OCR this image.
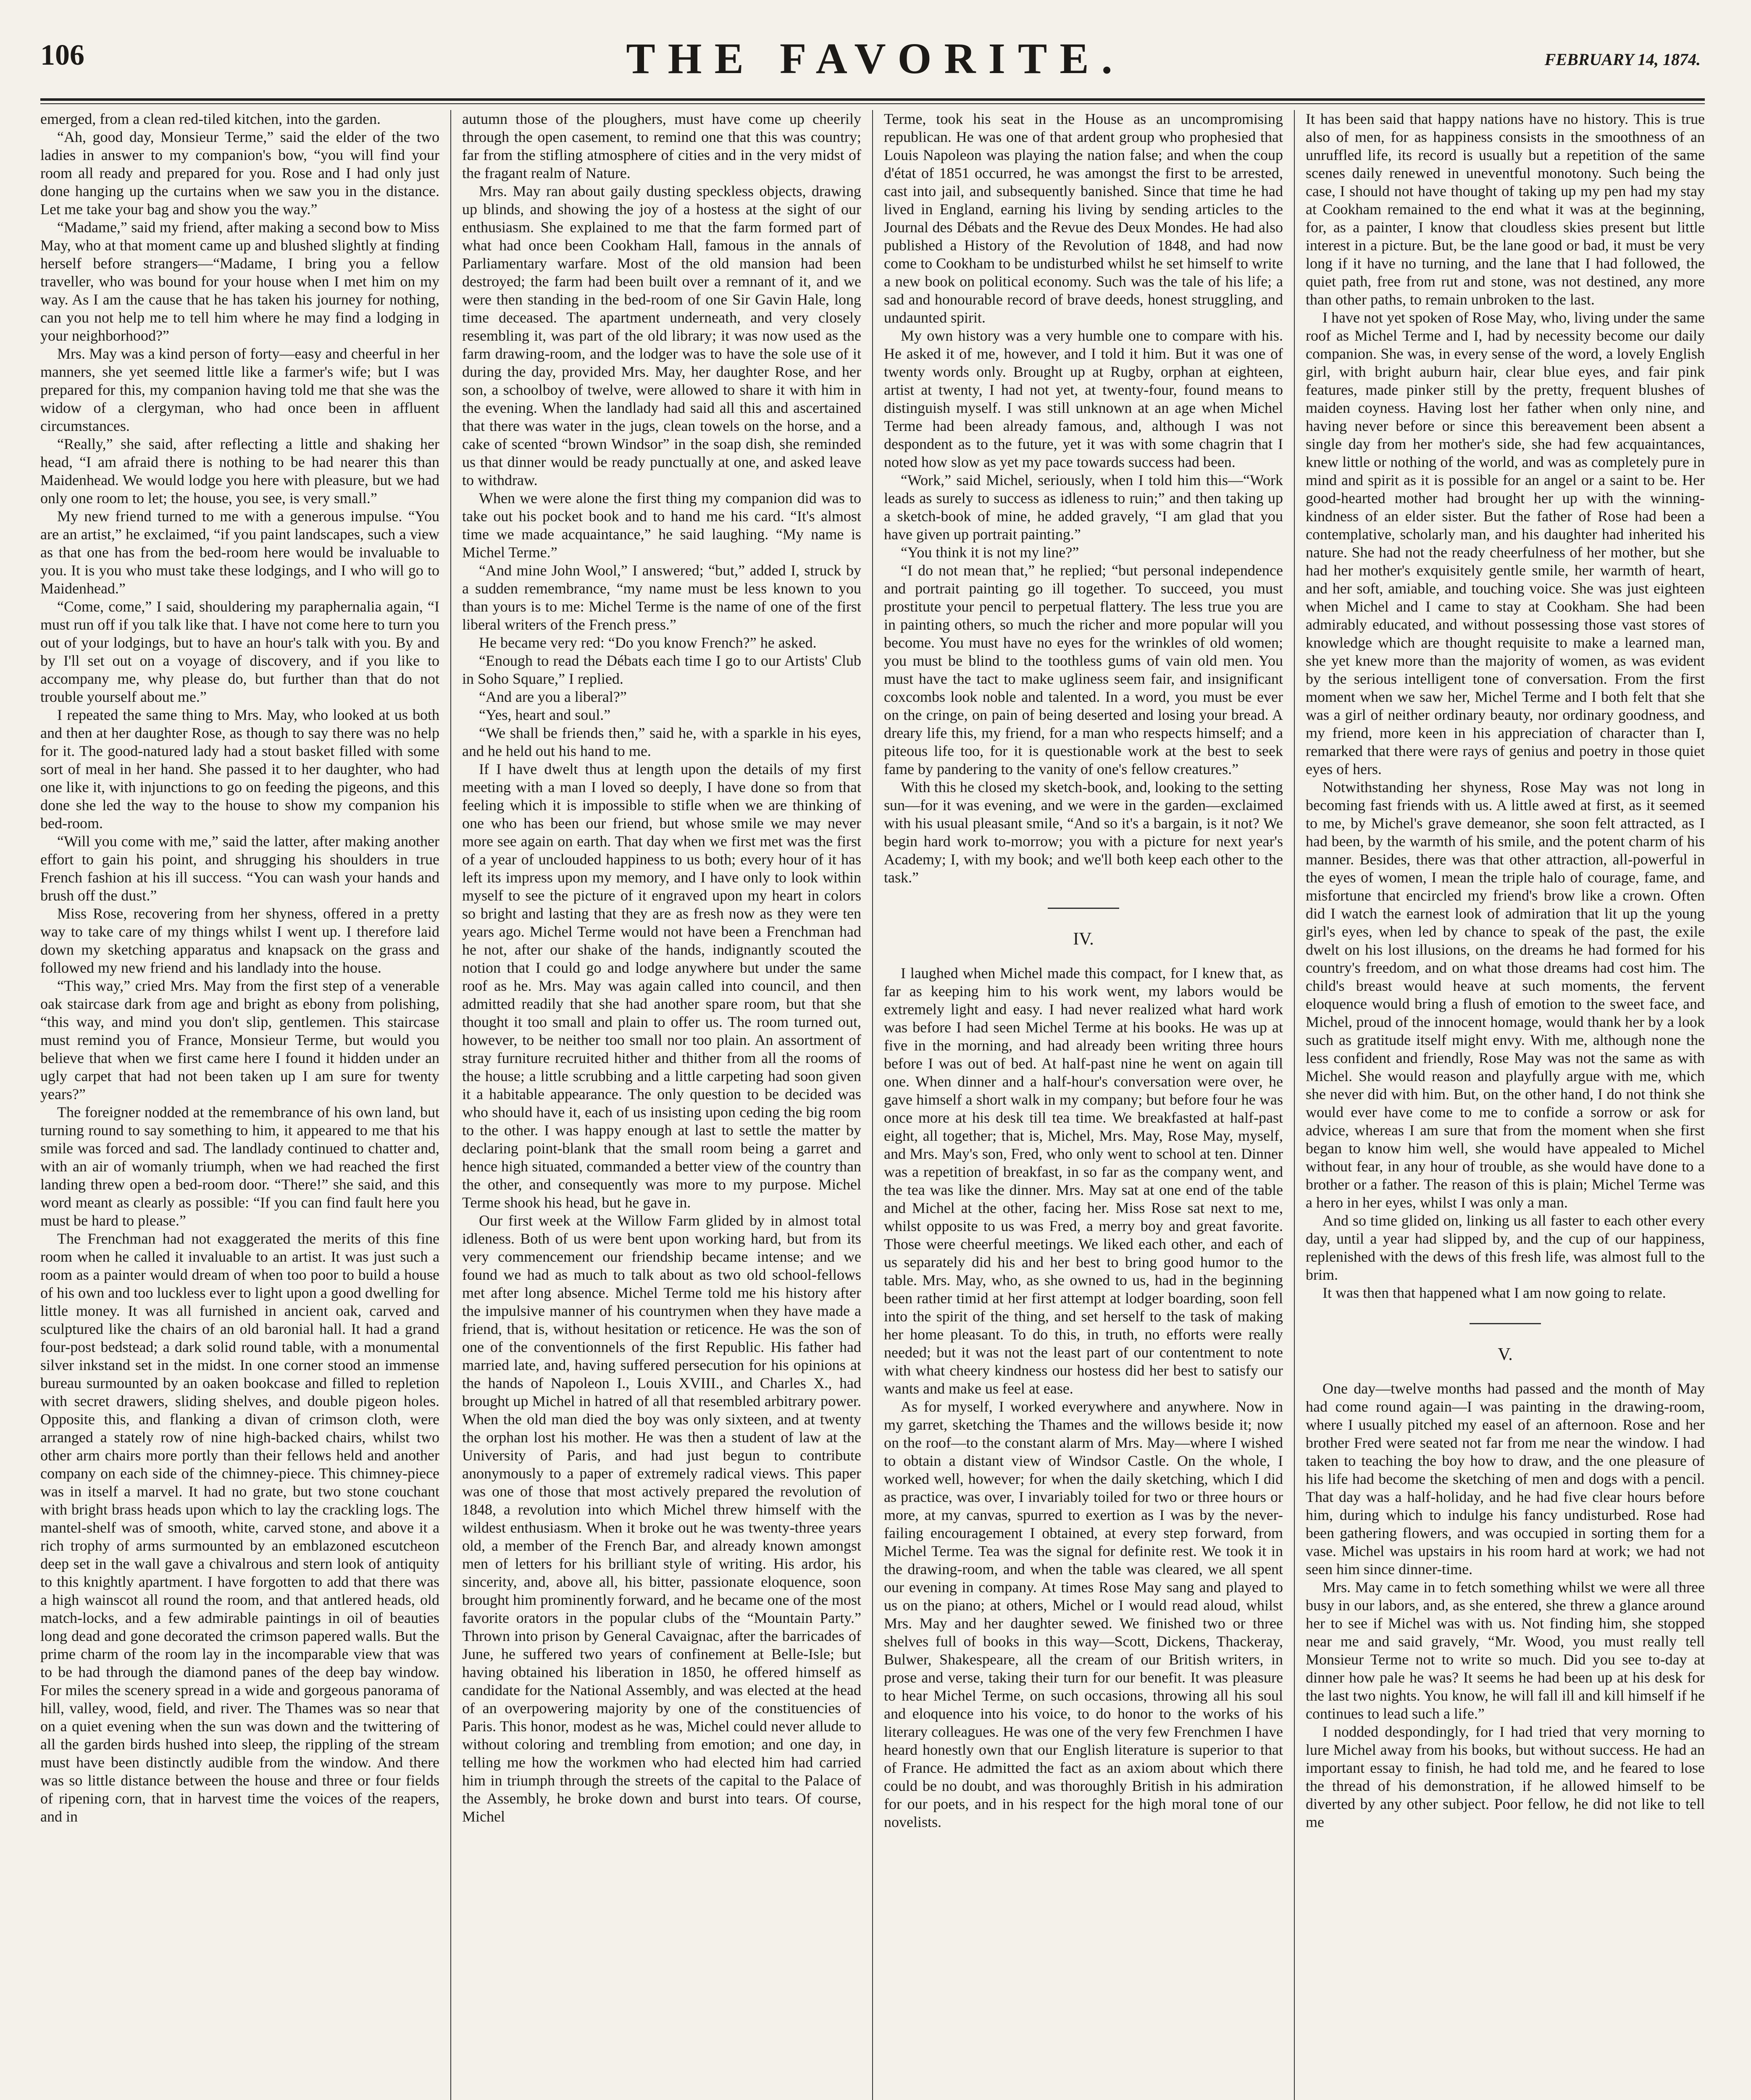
106	THE FAVORITE.	FEBRUARY 14, 1874.

emerged, from a clean red-tiled kitchen, into the garden.

“Ah, good day, Monsieur Terme,” said the elder of the two ladies in answer to my companion's bow, “you will find your room all ready and prepared for you. Rose and I had only just done hanging up the curtains when we saw you in the distance. Let me take your bag and show you the way.”

“Madame,” said my friend, after making a second bow to Miss May, who at that moment came up and blushed slightly at finding herself before strangers—“Madame, I bring you a fellow traveller, who was bound for your house when I met him on my way. As I am the cause that he has taken his journey for nothing, can you not help me to tell him where he may find a lodging in your neighborhood?”

Mrs. May was a kind person of forty—easy and cheerful in her manners, she yet seemed little like a farmer's wife; but I was prepared for this, my companion having told me that she was the widow of a clergyman, who had once been in affluent circumstances.

“Really,” she said, after reflecting a little and shaking her head, “I am afraid there is nothing to be had nearer this than Maidenhead. We would lodge you here with pleasure, but we had only one room to let; the house, you see, is very small.”

My new friend turned to me with a generous impulse. “You are an artist,” he exclaimed, “if you paint landscapes, such a view as that one has from the bed-room here would be invaluable to you. It is you who must take these lodgings, and I who will go to Maidenhead.”

“Come, come,” I said, shouldering my paraphernalia again, “I must run off if you talk like that. I have not come here to turn you out of your lodgings, but to have an hour's talk with you. By and by I'll set out on a voyage of discovery, and if you like to accompany me, why please do, but further than that do not trouble yourself about me.”

I repeated the same thing to Mrs. May, who looked at us both and then at her daughter Rose, as though to say there was no help for it. The good-natured lady had a stout basket filled with some sort of meal in her hand. She passed it to her daughter, who had one like it, with injunctions to go on feeding the pigeons, and this done she led the way to the house to show my companion his bed-room.

“Will you come with me,” said the latter, after making another effort to gain his point, and shrugging his shoulders in true French fashion at his ill success. “You can wash your hands and brush off the dust.”

Miss Rose, recovering from her shyness, offered in a pretty way to take care of my things whilst I went up. I therefore laid down my sketching apparatus and knapsack on the grass and followed my new friend and his landlady into the house.

“This way,” cried Mrs. May from the first step of a venerable oak staircase dark from age and bright as ebony from polishing, “this way, and mind you don't slip, gentlemen. This staircase must remind you of France, Monsieur Terme, but would you believe that when we first came here I found it hidden under an ugly carpet that had not been taken up I am sure for twenty years?”

The foreigner nodded at the remembrance of his own land, but turning round to say something to him, it appeared to me that his smile was forced and sad. The landlady continued to chatter and, with an air of womanly triumph, when we had reached the first landing threw open a bed-room door. “There!” she said, and this word meant as clearly as possible: “If you can find fault here you must be hard to please.”

The Frenchman had not exaggerated the merits of this fine room when he called it invaluable to an artist. It was just such a room as a painter would dream of when too poor to build a house of his own and too luckless ever to light upon a good dwelling for little money. It was all furnished in ancient oak, carved and sculptured like the chairs of an old baronial hall. It had a grand four-post bedstead; a dark solid round table, with a monumental silver inkstand set in the midst. In one corner stood an immense bureau surmounted by an oaken bookcase and filled to repletion with secret drawers, sliding shelves, and double pigeon holes. Opposite this, and flanking a divan of crimson cloth, were arranged a stately row of nine high-backed chairs, whilst two other arm chairs more portly than their fellows held and another company on each side of the chimney-piece. This chimney-piece was in itself a marvel. It had no grate, but two stone couchant with bright brass heads upon which to lay the crackling logs. The mantel-shelf was of smooth, white, carved stone, and above it a rich trophy of arms surmounted by an emblazoned escutcheon deep set in the wall gave a chivalrous and stern look of antiquity to this knightly apartment. I have forgotten to add that there was a high wainscot all round the room, and that antlered heads, old match-locks, and a few admirable paintings in oil of beauties long dead and gone decorated the crimson papered walls. But the prime charm of the room lay in the incomparable view that was to be had through the diamond panes of the deep bay window. For miles the scenery spread in a wide and gorgeous panorama of hill, valley, wood, field, and river. The Thames was so near that on a quiet evening when the sun was down and the twittering of all the garden birds hushed into sleep, the rippling of the stream must have been distinctly audible from the window. And there was so little distance between the house and three or four fields of ripening corn, that in harvest time the voices of the reapers, and in

autumn those of the ploughers, must have come up cheerily through the open casement, to remind one that this was country; far from the stifling atmosphere of cities and in the very midst of the fragant realm of Nature.

Mrs. May ran about gaily dusting speckless objects, drawing up blinds, and showing the joy of a hostess at the sight of our enthusiasm. She explained to me that the farm formed part of what had once been Cookham Hall, famous in the annals of Parliamentary warfare. Most of the old mansion had been destroyed; the farm had been built over a remnant of it, and we were then standing in the bed-room of one Sir Gavin Hale, long time deceased. The apartment underneath, and very closely resembling it, was part of the old library; it was now used as the farm drawing-room, and the lodger was to have the sole use of it during the day, provided Mrs. May, her daughter Rose, and her son, a schoolboy of twelve, were allowed to share it with him in the evening. When the landlady had said all this and ascertained that there was water in the jugs, clean towels on the horse, and a cake of scented “brown Windsor” in the soap dish, she reminded us that dinner would be ready punctually at one, and asked leave to withdraw.

When we were alone the first thing my companion did was to take out his pocket book and to hand me his card. “It's almost time we made acquaintance,” he said laughing. “My name is Michel Terme.”

“And mine John Wool,” I answered; “but,” added I, struck by a sudden remembrance, “my name must be less known to you than yours is to me: Michel Terme is the name of one of the first liberal writers of the French press.”

He became very red: “Do you know French?” he asked.

“Enough to read the Débats each time I go to our Artists' Club in Soho Square,” I replied.

“And are you a liberal?”

“Yes, heart and soul.”

“We shall be friends then,” said he, with a sparkle in his eyes, and he held out his hand to me.

If I have dwelt thus at length upon the details of my first meeting with a man I loved so deeply, I have done so from that feeling which it is impossible to stifle when we are thinking of one who has been our friend, but whose smile we may never more see again on earth. That day when we first met was the first of a year of unclouded happiness to us both; every hour of it has left its impress upon my memory, and I have only to look within myself to see the picture of it engraved upon my heart in colors so bright and lasting that they are as fresh now as they were ten years ago. Michel Terme would not have been a Frenchman had he not, after our shake of the hands, indignantly scouted the notion that I could go and lodge anywhere but under the same roof as he. Mrs. May was again called into council, and then admitted readily that she had another spare room, but that she thought it too small and plain to offer us. The room turned out, however, to be neither too small nor too plain. An assortment of stray furniture recruited hither and thither from all the rooms of the house; a little scrubbing and a little carpeting had soon given it a habitable appearance. The only question to be decided was who should have it, each of us insisting upon ceding the big room to the other. I was happy enough at last to settle the matter by declaring point-blank that the small room being a garret and hence high situated, commanded a better view of the country than the other, and consequently was more to my purpose. Michel Terme shook his head, but he gave in.

Our first week at the Willow Farm glided by in almost total idleness. Both of us were bent upon working hard, but from its very commencement our friendship became intense; and we found we had as much to talk about as two old school-fellows met after long absence. Michel Terme told me his history after the impulsive manner of his countrymen when they have made a friend, that is, without hesitation or reticence. He was the son of one of the conventionnels of the first Republic. His father had married late, and, having suffered persecution for his opinions at the hands of Napoleon I., Louis XVIII., and Charles X., had brought up Michel in hatred of all that resembled arbitrary power. When the old man died the boy was only sixteen, and at twenty the orphan lost his mother. He was then a student of law at the University of Paris, and had just begun to contribute anonymously to a paper of extremely radical views. This paper was one of those that most actively prepared the revolution of 1848, a revolution into which Michel threw himself with the wildest enthusiasm. When it broke out he was twenty-three years old, a member of the French Bar, and already known amongst men of letters for his brilliant style of writing. His ardor, his sincerity, and, above all, his bitter, passionate eloquence, soon brought him prominently forward, and he became one of the most favorite orators in the popular clubs of the “Mountain Party.” Thrown into prison by General Cavaignac, after the barricades of June, he suffered two years of confinement at Belle-Isle; but having obtained his liberation in 1850, he offered himself as candidate for the National Assembly, and was elected at the head of an overpowering majority by one of the constituencies of Paris. This honor, modest as he was, Michel could never allude to without coloring and trembling from emotion; and one day, in telling me how the workmen who had elected him had carried him in triumph through the streets of the capital to the Palace of the Assembly, he broke down and burst into tears. Of course, Michel

Terme, took his seat in the House as an uncompromising republican. He was one of that ardent group who prophesied that Louis Napoleon was playing the nation false; and when the coup d'état of 1851 occurred, he was amongst the first to be arrested, cast into jail, and subsequently banished. Since that time he had lived in England, earning his living by sending articles to the Journal des Débats and the Revue des Deux Mondes. He had also published a History of the Revolution of 1848, and had now come to Cookham to be undisturbed whilst he set himself to write a new book on political economy. Such was the tale of his life; a sad and honourable record of brave deeds, honest struggling, and undaunted spirit.

My own history was a very humble one to compare with his. He asked it of me, however, and I told it him. But it was one of twenty words only. Brought up at Rugby, orphan at eighteen, artist at twenty, I had not yet, at twenty-four, found means to distinguish myself. I was still unknown at an age when Michel Terme had been already famous, and, although I was not despondent as to the future, yet it was with some chagrin that I noted how slow as yet my pace towards success had been.

“Work,” said Michel, seriously, when I told him this—“Work leads as surely to success as idleness to ruin;” and then taking up a sketch-book of mine, he added gravely, “I am glad that you have given up portrait painting.”

“You think it is not my line?”

“I do not mean that,” he replied; “but personal independence and portrait painting go ill together. To succeed, you must prostitute your pencil to perpetual flattery. The less true you are in painting others, so much the richer and more popular will you become. You must have no eyes for the wrinkles of old women; you must be blind to the toothless gums of vain old men. You must have the tact to make ugliness seem fair, and insignificant coxcombs look noble and talented. In a word, you must be ever on the cringe, on pain of being deserted and losing your bread. A dreary life this, my friend, for a man who respects himself; and a piteous life too, for it is questionable work at the best to seek fame by pandering to the vanity of one's fellow creatures.”

With this he closed my sketch-book, and, looking to the setting sun—for it was evening, and we were in the garden—exclaimed with his usual pleasant smile, “And so it's a bargain, is it not? We begin hard work to-morrow; you with a picture for next year's Academy; I, with my book; and we'll both keep each other to the task.”

IV.

I laughed when Michel made this compact, for I knew that, as far as keeping him to his work went, my labors would be extremely light and easy. I had never realized what hard work was before I had seen Michel Terme at his books. He was up at five in the morning, and had already been writing three hours before I was out of bed. At half-past nine he went on again till one. When dinner and a half-hour's conversation were over, he gave himself a short walk in my company; but before four he was once more at his desk till tea time. We breakfasted at half-past eight, all together; that is, Michel, Mrs. May, Rose May, myself, and Mrs. May's son, Fred, who only went to school at ten. Dinner was a repetition of breakfast, in so far as the company went, and the tea was like the dinner. Mrs. May sat at one end of the table and Michel at the other, facing her. Miss Rose sat next to me, whilst opposite to us was Fred, a merry boy and great favorite. Those were cheerful meetings. We liked each other, and each of us separately did his and her best to bring good humor to the table. Mrs. May, who, as she owned to us, had in the beginning been rather timid at her first attempt at lodger boarding, soon fell into the spirit of the thing, and set herself to the task of making her home pleasant. To do this, in truth, no efforts were really needed; but it was not the least part of our contentment to note with what cheery kindness our hostess did her best to satisfy our wants and make us feel at ease.

As for myself, I worked everywhere and anywhere. Now in my garret, sketching the Thames and the willows beside it; now on the roof—to the constant alarm of Mrs. May—where I wished to obtain a distant view of Windsor Castle. On the whole, I worked well, however; for when the daily sketching, which I did as practice, was over, I invariably toiled for two or three hours or more, at my canvas, spurred to exertion as I was by the never-failing encouragement I obtained, at every step forward, from Michel Terme. Tea was the signal for definite rest. We took it in the drawing-room, and when the table was cleared, we all spent our evening in company. At times Rose May sang and played to us on the piano; at others, Michel or I would read aloud, whilst Mrs. May and her daughter sewed. We finished two or three shelves full of books in this way—Scott, Dickens, Thackeray, Bulwer, Shakespeare, all the cream of our British writers, in prose and verse, taking their turn for our benefit. It was pleasure to hear Michel Terme, on such occasions, throwing all his soul and eloquence into his voice, to do honor to the works of his literary colleagues. He was one of the very few Frenchmen I have heard honestly own that our English literature is superior to that of France. He admitted the fact as an axiom about which there could be no doubt, and was thoroughly British in his admiration for our poets, and in his respect for the high moral tone of our novelists.

It has been said that happy nations have no history. This is true also of men, for as happiness consists in the smoothness of an unruffled life, its record is usually but a repetition of the same scenes daily renewed in uneventful monotony. Such being the case, I should not have thought of taking up my pen had my stay at Cookham remained to the end what it was at the beginning, for, as a painter, I know that cloudless skies present but little interest in a picture. But, be the lane good or bad, it must be very long if it have no turning, and the lane that I had followed, the quiet path, free from rut and stone, was not destined, any more than other paths, to remain unbroken to the last.

I have not yet spoken of Rose May, who, living under the same roof as Michel Terme and I, had by necessity become our daily companion. She was, in every sense of the word, a lovely English girl, with bright auburn hair, clear blue eyes, and fair pink features, made pinker still by the pretty, frequent blushes of maiden coyness. Having lost her father when only nine, and having never before or since this bereavement been absent a single day from her mother's side, she had few acquaintances, knew little or nothing of the world, and was as completely pure in mind and spirit as it is possible for an angel or a saint to be. Her good-hearted mother had brought her up with the winning-kindness of an elder sister. But the father of Rose had been a contemplative, scholarly man, and his daughter had inherited his nature. She had not the ready cheerfulness of her mother, but she had her mother's exquisitely gentle smile, her warmth of heart, and her soft, amiable, and touching voice. She was just eighteen when Michel and I came to stay at Cookham. She had been admirably educated, and without possessing those vast stores of knowledge which are thought requisite to make a learned man, she yet knew more than the majority of women, as was evident by the serious intelligent tone of conversation. From the first moment when we saw her, Michel Terme and I both felt that she was a girl of neither ordinary beauty, nor ordinary goodness, and my friend, more keen in his appreciation of character than I, remarked that there were rays of genius and poetry in those quiet eyes of hers.

Notwithstanding her shyness, Rose May was not long in becoming fast friends with us. A little awed at first, as it seemed to me, by Michel's grave demeanor, she soon felt attracted, as I had been, by the warmth of his smile, and the potent charm of his manner. Besides, there was that other attraction, all-powerful in the eyes of women, I mean the triple halo of courage, fame, and misfortune that encircled my friend's brow like a crown. Often did I watch the earnest look of admiration that lit up the young girl's eyes, when led by chance to speak of the past, the exile dwelt on his lost illusions, on the dreams he had formed for his country's freedom, and on what those dreams had cost him. The child's breast would heave at such moments, the fervent eloquence would bring a flush of emotion to the sweet face, and Michel, proud of the innocent homage, would thank her by a look such as gratitude itself might envy. With me, although none the less confident and friendly, Rose May was not the same as with Michel. She would reason and playfully argue with me, which she never did with him. But, on the other hand, I do not think she would ever have come to me to confide a sorrow or ask for advice, whereas I am sure that from the moment when she first began to know him well, she would have appealed to Michel without fear, in any hour of trouble, as she would have done to a brother or a father. The reason of this is plain; Michel Terme was a hero in her eyes, whilst I was only a man.

And so time glided on, linking us all faster to each other every day, until a year had slipped by, and the cup of our happiness, replenished with the dews of this fresh life, was almost full to the brim.

It was then that happened what I am now going to relate.

V.

One day—twelve months had passed and the month of May had come round again—I was painting in the drawing-room, where I usually pitched my easel of an afternoon. Rose and her brother Fred were seated not far from me near the window. I had taken to teaching the boy how to draw, and the one pleasure of his life had become the sketching of men and dogs with a pencil. That day was a half-holiday, and he had five clear hours before him, during which to indulge his fancy undisturbed. Rose had been gathering flowers, and was occupied in sorting them for a vase. Michel was upstairs in his room hard at work; we had not seen him since dinner-time.

Mrs. May came in to fetch something whilst we were all three busy in our labors, and, as she entered, she threw a glance around her to see if Michel was with us. Not finding him, she stopped near me and said gravely, “Mr. Wood, you must really tell Monsieur Terme not to write so much. Did you see to-day at dinner how pale he was? It seems he had been up at his desk for the last two nights. You know, he will fall ill and kill himself if he continues to lead such a life.”

I nodded despondingly, for I had tried that very morning to lure Michel away from his books, but without success. He had an important essay to finish, he had told me, and he feared to lose the thread of his demonstration, if he allowed himself to be diverted by any other subject. Poor fellow, he did not like to tell me
